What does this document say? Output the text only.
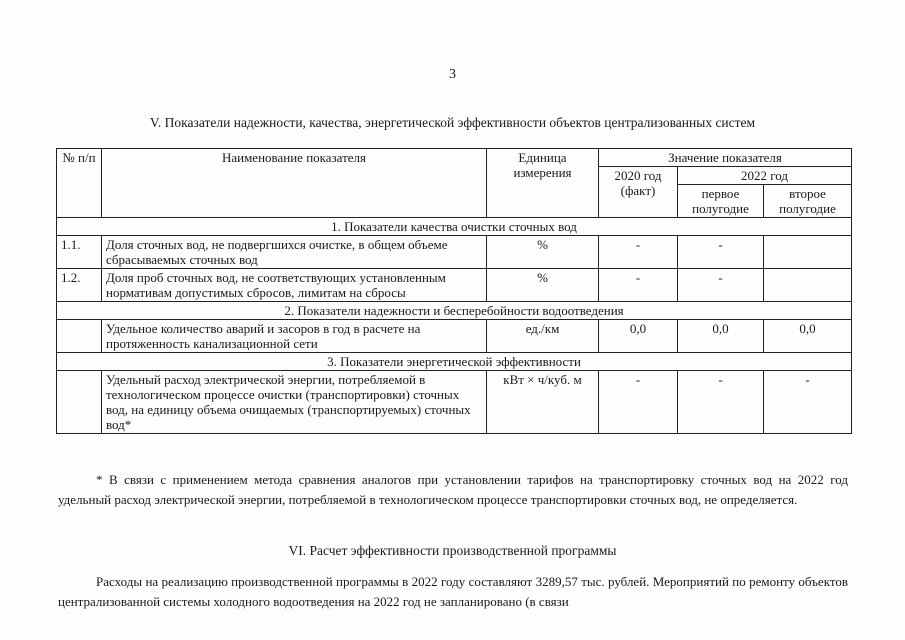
3
V. Показатели надежности, качества, энергетической эффективности объектов централизованных систем
№ п/п	Наименование показателя	Единица измерения	Значение показателя		
			2020 год (факт)	2022 год	
				первое полугодие	второе полугодие
1. Показатели качества очистки сточных вод					
1.1.	Доля сточных вод, не подвергшихся очистке, в общем объеме сбрасываемых сточных вод	%	-	-	
1.2.	Доля проб сточных вод, не соответствующих установленным нормативам допустимых сбросов, лимитам на сбросы	%	-	-	
2. Показатели надежности и бесперебойности водоотведения					
	Удельное количество аварий и засоров в год в расчете на протяженность канализационной сети	ед./км	0,0	0,0	0,0
3. Показатели энергетической эффективности					
	Удельный расход электрической энергии, потребляемой в технологическом процессе очистки (транспортировки) сточных вод, на единицу объема очищаемых (транспортируемых) сточных вод*	кВт × ч/куб. м	-	-	-
* В связи с применением метода сравнения аналогов при установлении тарифов на транспортировку сточных вод на 2022 год удельный расход электрической энергии, потребляемой в технологическом процессе транспортировки сточных вод, не определяется.
VI. Расчет эффективности производственной программы
Расходы на реализацию производственной программы в 2022 году составляют 3289,57 тыс. рублей. Мероприятий по ремонту объектов централизованной системы холодного водоотведения на 2022 год не запланировано (в связи
